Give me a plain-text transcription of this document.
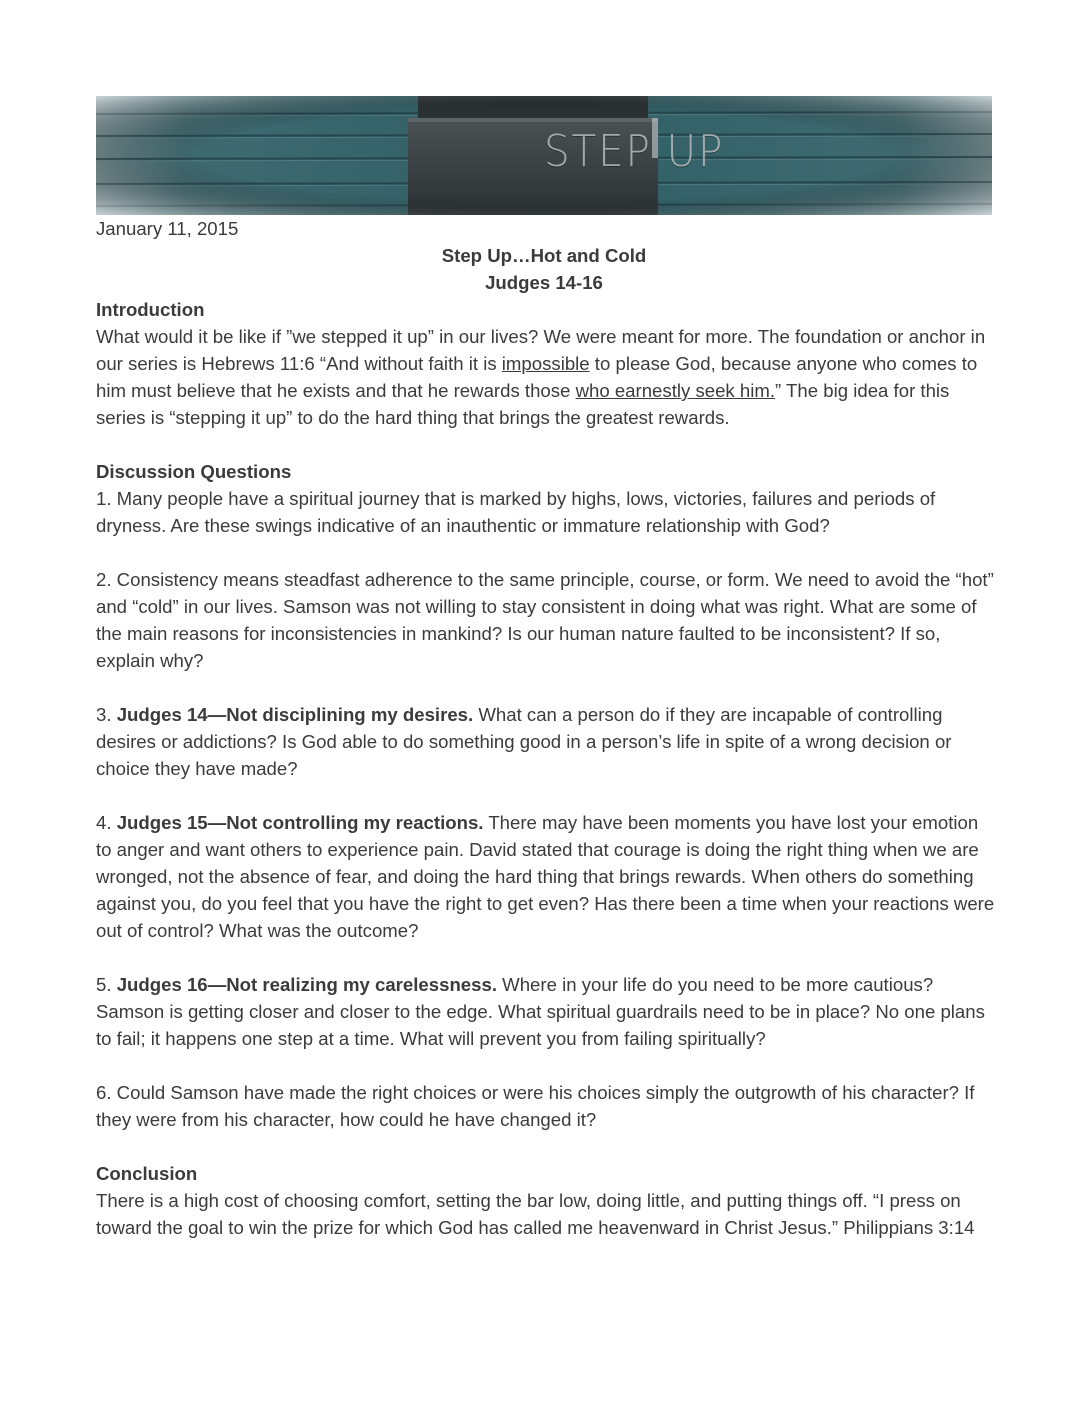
STEP UP

January 11, 2015

Step Up…Hot and Cold

Judges 14-16

Introduction

What would it be like if ”we stepped it up” in our lives? We were meant for more. The foundation or anchor in our series is Hebrews 11:6 “And without faith it is impossible to please God, because anyone who comes to him must believe that he exists and that he rewards those who earnestly seek him.” The big idea for this series is “stepping it up” to do the hard thing that brings the greatest rewards.

Discussion Questions

1. Many people have a spiritual journey that is marked by highs, lows, victories, failures and periods of dryness. Are these swings indicative of an inauthentic or immature relationship with God?

2. Consistency means steadfast adherence to the same principle, course, or form. We need to avoid the “hot” and “cold” in our lives. Samson was not willing to stay consistent in doing what was right. What are some of the main reasons for inconsistencies in mankind? Is our human nature faulted to be inconsistent? If so, explain why?

3. Judges 14—Not disciplining my desires. What can a person do if they are incapable of controlling desires or addictions? Is God able to do something good in a person’s life in spite of a wrong decision or choice they have made?

4. Judges 15—Not controlling my reactions. There may have been moments you have lost your emotion to anger and want others to experience pain. David stated that courage is doing the right thing when we are wronged, not the absence of fear, and doing the hard thing that brings rewards. When others do something against you, do you feel that you have the right to get even? Has there been a time when your reactions were out of control? What was the outcome?

5. Judges 16—Not realizing my carelessness. Where in your life do you need to be more cautious? Samson is getting closer and closer to the edge. What spiritual guardrails need to be in place? No one plans to fail; it happens one step at a time. What will prevent you from failing spiritually?

6. Could Samson have made the right choices or were his choices simply the outgrowth of his character? If they were from his character, how could he have changed it?

Conclusion

There is a high cost of choosing comfort, setting the bar low, doing little, and putting things off. “I press on toward the goal to win the prize for which God has called me heavenward in Christ Jesus.” Philippians 3:14
